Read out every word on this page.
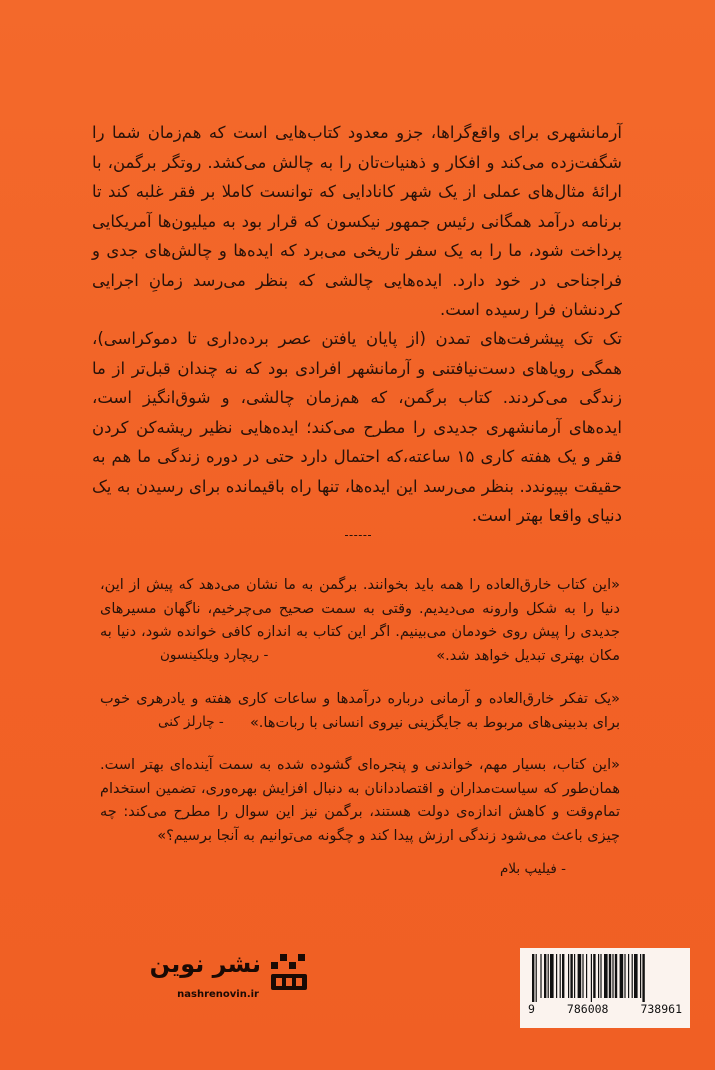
آرمانشهری برای واقع‌گراها، جزو معدود کتاب‌هایی است که هم‌زمان شما را شگفت‌زده می‌کند و افکار و ذهنیات‌تان را به چالش می‌کشد. روتگر برگمن، با ارائهٔ مثال‌های عملی از یک شهر کانادایی که توانست کاملا بر فقر غلبه کند تا برنامه درآمد همگانی رئیس جمهور نیکسون که قرار بود به میلیون‌ها آمریکایی پرداخت شود، ما را به یک سفر تاریخی می‌برد که ایده‌ها و چالش‌های جدی و فراجناحی در خود دارد. ایده‌هایی چالشی که بنظر می‌رسد زمانِ اجرایی کردنشان فرا رسیده است.

تک تک پیشرفت‌های تمدن (از پایان یافتن عصر برده‌داری تا دموکراسی)، همگی رویاهای دست‌نیافتنی و آرمانشهر افرادی بود که نه چندان قبل‌تر از ما زندگی می‌کردند. کتاب برگمن، که هم‌زمان چالشی، و شوق‌انگیز است، ایده‌های آرمانشهری جدیدی را مطرح می‌کند؛ ایده‌هایی نظیر ریشه‌کن کردن فقر و یک هفته کاری ۱۵ ساعته،که احتمال دارد حتی در دوره زندگی ما هم به حقیقت بپیوندد. بنظر می‌رسد این ایده‌ها، تنها راه باقیمانده برای رسیدن به یک دنیای واقعا بهتر است.

«این کتاب خارق‌العاده را همه باید بخوانند. برگمن به ما نشان می‌دهد که پیش از این، دنیا را به شکل وارونه می‌دیدیم. وقتی به سمت صحیح می‌چرخیم، ناگهان مسیرهای جدیدی را پیش روی خودمان می‌بینیم. اگر این کتاب به اندازه کافی خوانده شود، دنیا به مکان بهتری تبدیل خواهد شد.»

- ریچارد ویلکینسون

«یک تفکر خارق‌العاده و آرمانی درباره درآمدها و ساعات کاری هفته و یادرهری خوب برای بدبینی‌های مربوط به جایگزینی نیروی انسانی با ربات‌ها.»

- چارلز کنی

«این کتاب، بسیار مهم، خواندنی و پنجره‌ای گشوده شده به سمت آینده‌ای بهتر است. همان‌طور که سیاست‌مداران و اقتصاددانان به دنبال افزایش بهره‌وری، تضمین استخدام تمام‌وقت و کاهش اندازه‌ی دولت هستند، برگمن نیز این سوال را مطرح می‌کند: چه چیزی باعث می‌شود زندگی ارزش پیدا کند و چگونه می‌توانیم به آنجا برسیم؟»

- فیلیپ بلام
نشر نوین
nashrenovin.ir
9	786008	738961
